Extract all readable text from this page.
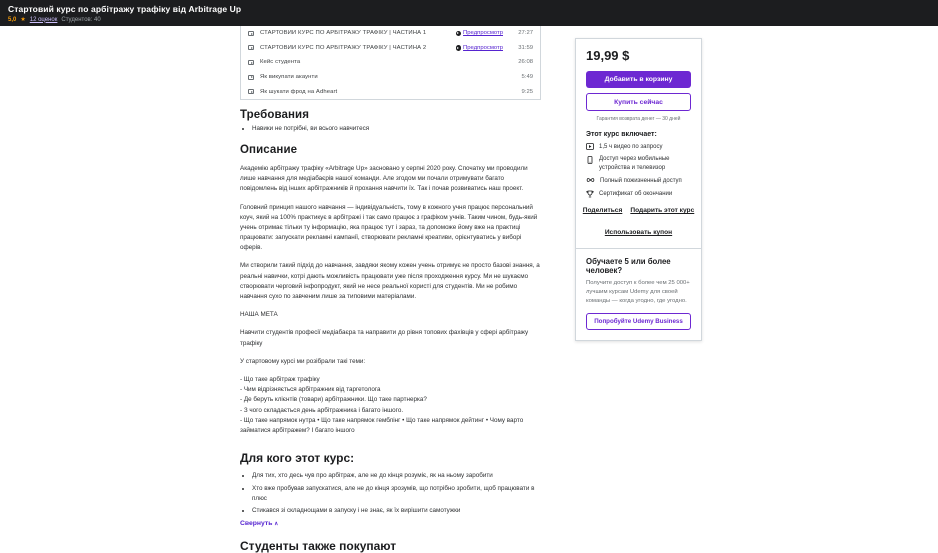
Стартовий курс по арбітражу трафіку від Arbitrage Up
5,0 ★ 12 оценок Студентов: 40
СТАРТОВИЙ КУРС ПО АРБІТРАЖУ ТРАФІКУ | ЧАСТИНА 1	Предпросмотр	27:27
СТАРТОВИЙ КУРС ПО АРБІТРАЖУ ТРАФІКУ | ЧАСТИНА 2	Предпросмотр	31:59
Кейс студента	26:08
Як викупати акаунти	5:49
Як шукати фрод на Adheart	9:25
Требования
• Навики не потрібні, ви всього навчитеся
Описание

Академію арбітражу трафіку «Arbitrage Up» засновано у серпні 2020 року. Спочатку ми проводили лише навчання для медіабаєрів нашої команди. Але згодом ми почали отримувати багато повідомлень від інших арбітражників й прохання навчити їх. Так і почав розвиватись наш проект.

Головний принцип нашого навчання — індивідуальність, тому в кожного учня працює персональний коуч, який на 100% практикує в арбітражі і так само працює з графіком учнів. Таким чином, будь-який учень отримає тільки ту інформацію, яка працює тут і зараз, та допоможе йому вже на практиці працювати: запускати рекламні кампанії, створювати рекламні креативи, орієнтуватись у виборі оферів.

Ми створили такий підхід до навчання, завдяки якому кожен учень отримує не просто базові знання, а реальні навички, котрі дають можливість працювати уже після проходження курсу. Ми не шукаємо створювати черговий інфопродукт, який не несе реальної користі для студентів. Ми не робимо навчання сухо по завченим лише за типовими матеріалами.

НАША МЕТА

Навчити студентів професії медіабаєра та направити до рівня топових фахівців у сфері арбітражу трафіку

У стартовому курсі ми розібрали такі теми:

- Що таке арбітраж трафіку
- Чим відрізняється арбітражник від таргетолога
- Де беруть клієнтів (товари) арбітражники. Що таке партнерка?
- З чого складається день арбітражника і багато іншого.
- Що таке напрямок нутра • Що таке напрямок гемблінг • Що таке напрямок дейтинг • Чому варто займатися арбітражем? І багато іншого
Для кого этот курс:
• Для тих, хто десь чув про арбітраж, але не до кінця розуміє, як на ньому заробити
• Хто вже пробував запускатися, але не до кінця зрозумів, що потрібно зробити, щоб працювати в плюс
• Стикався зі складнощами в запуску і не знає, як їх вирішити самотужки
Свернуть ∧
Студенты также покупают
19,99 $
Добавить в корзину
Купить сейчас
Гарантия возврата денег — 30 дней
Этот курс включает:
1,5 ч видео по запросу
Доступ через мобильные устройства и телевизор
Полный пожизненный доступ
Сертификат об окончании
Поделиться Подарить этот курс
Использовать купон
Обучаете 5 или более человек?
Получите доступ к более чем 25 000+ лучшим курсам Udemy для своей команды — когда угодно, где угодно.
Попробуйте Udemy Business
